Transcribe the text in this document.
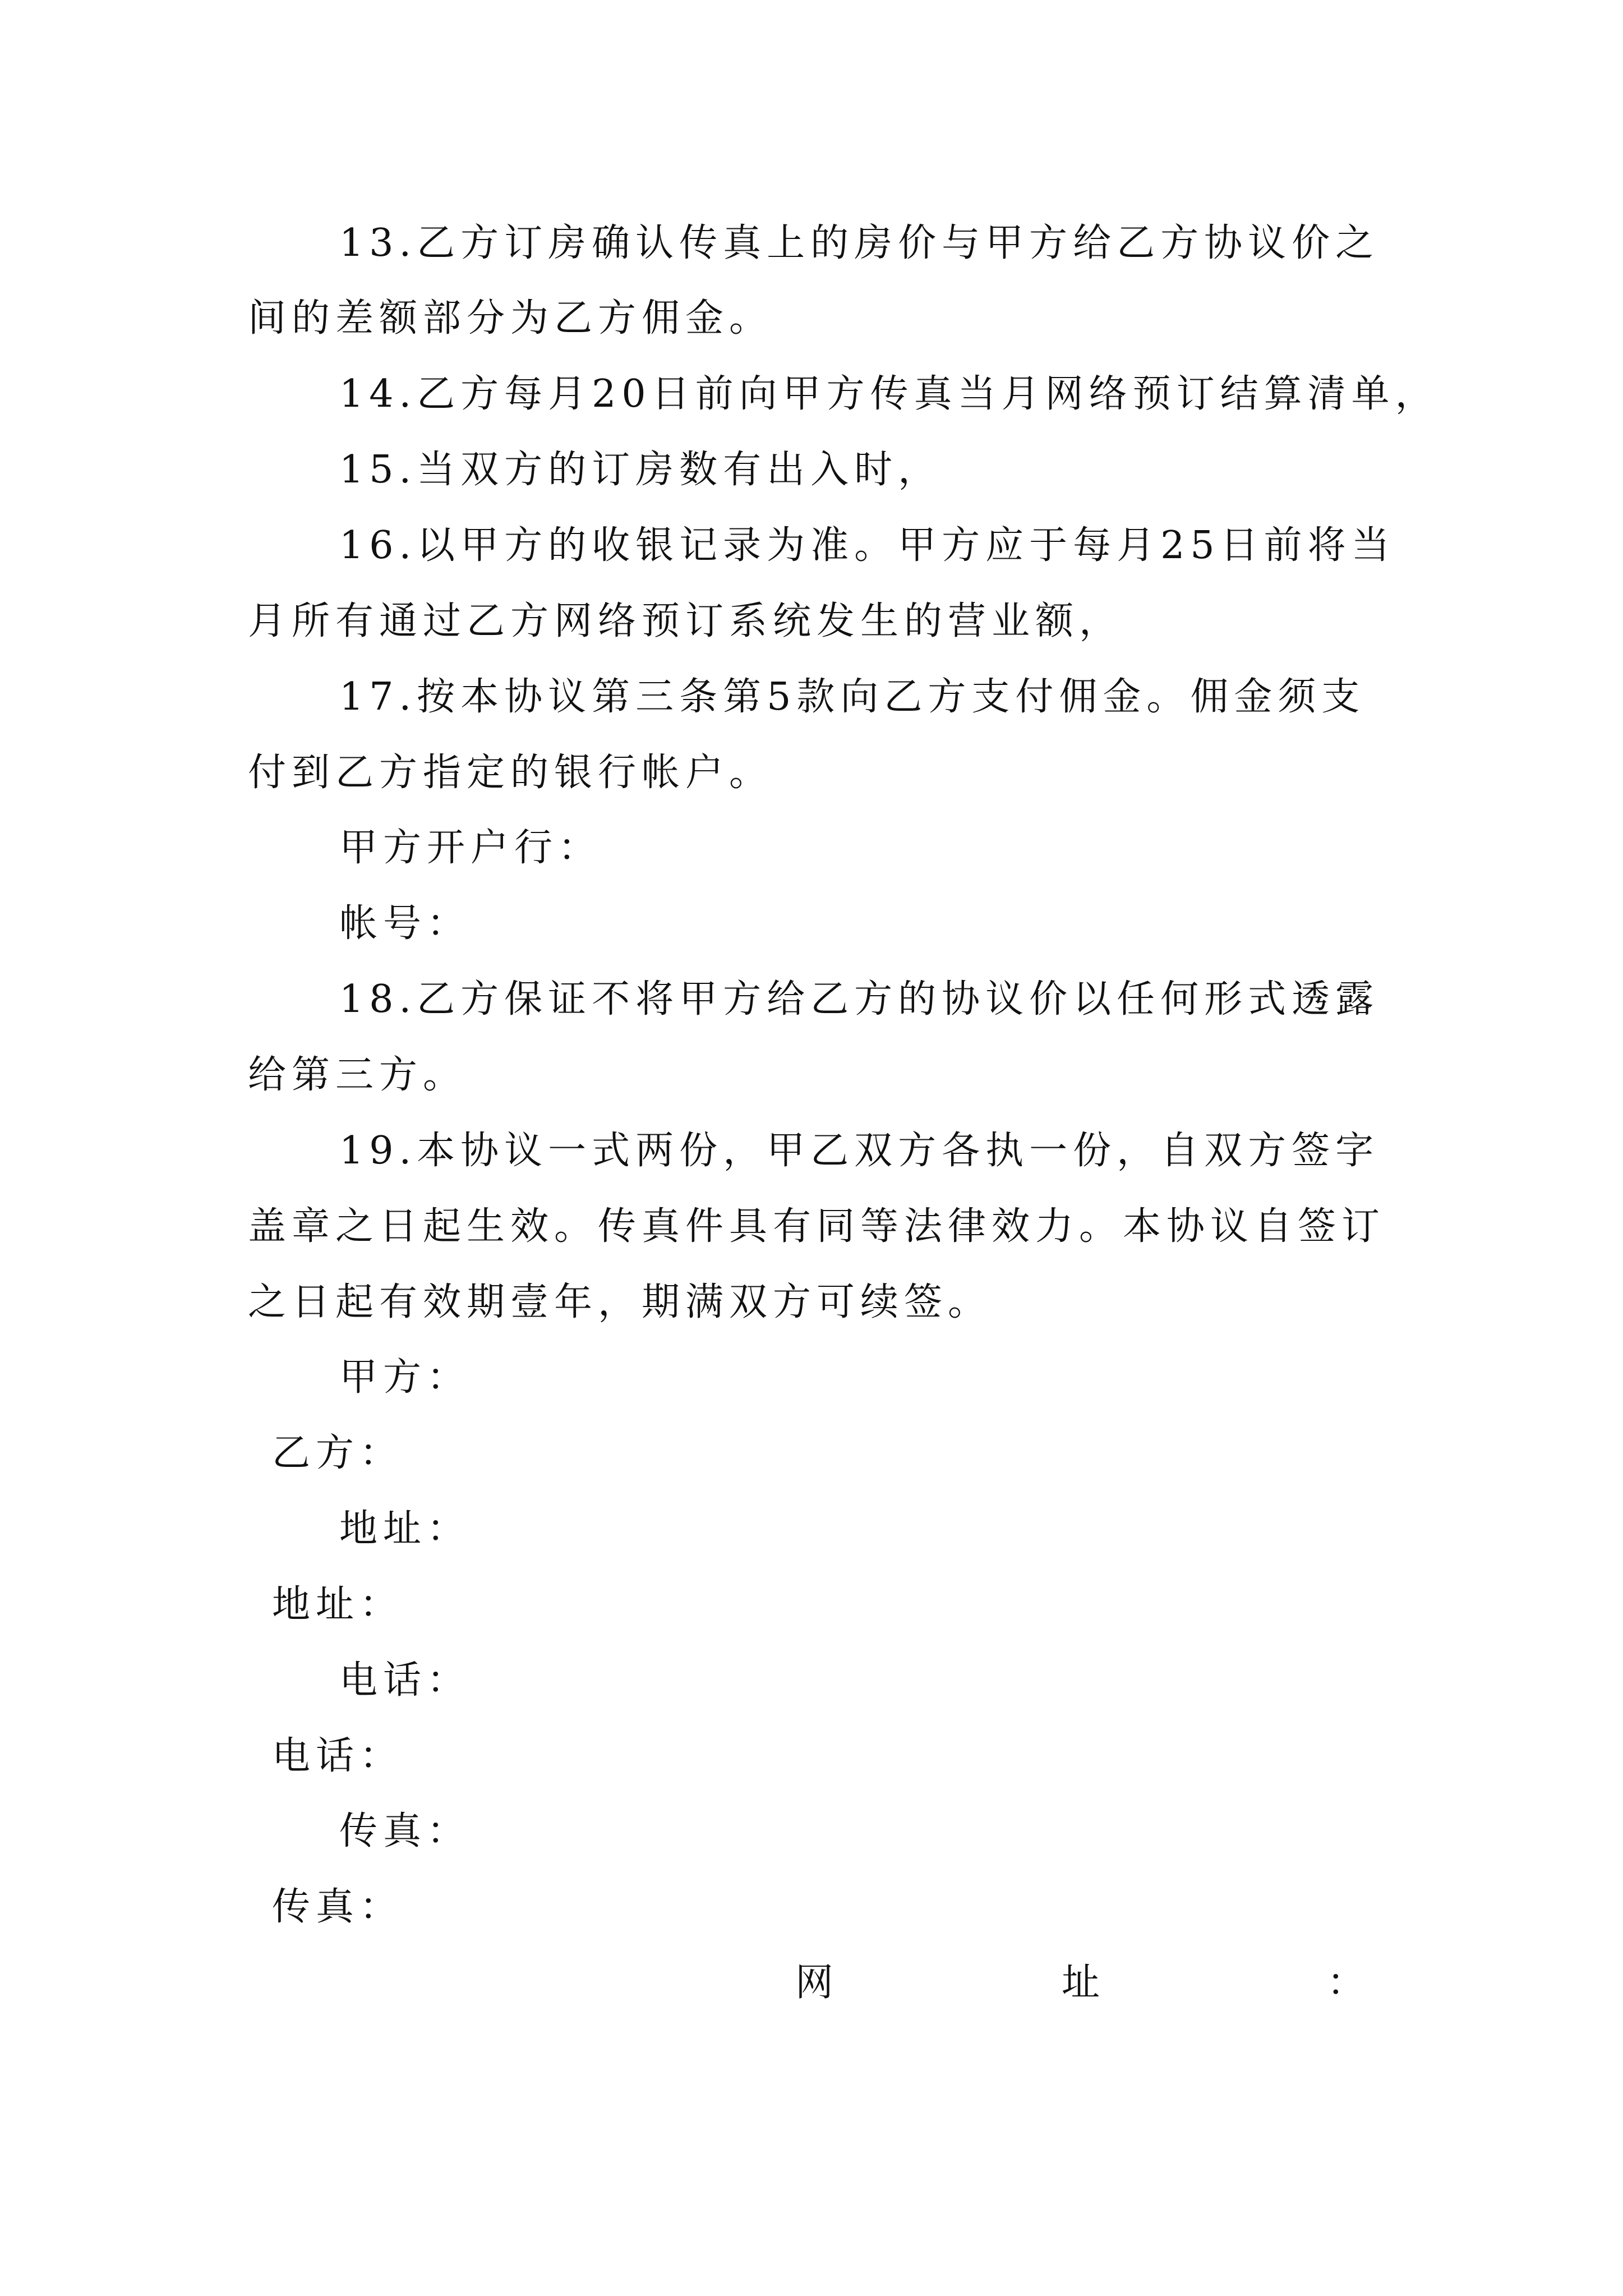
13.乙方订房确认传真上的房价与甲方给乙方协议价之
间的差额部分为乙方佣金。
14.乙方每月20日前向甲方传真当月网络预订结算清单，
15.当双方的订房数有出入时，
16.以甲方的收银记录为准。甲方应于每月25日前将当
月所有通过乙方网络预订系统发生的营业额，
17.按本协议第三条第5款向乙方支付佣金。佣金须支
付到乙方指定的银行帐户。
甲方开户行：
帐号：
18.乙方保证不将甲方给乙方的协议价以任何形式透露
给第三方。
19.本协议一式两份，甲乙双方各执一份，自双方签字
盖章之日起生效。传真件具有同等法律效力。本协议自签订
之日起有效期壹年，期满双方可续签。
甲方：
乙方：
地址：
地址：
电话：
电话：
传真：
传真：
网	址	：
